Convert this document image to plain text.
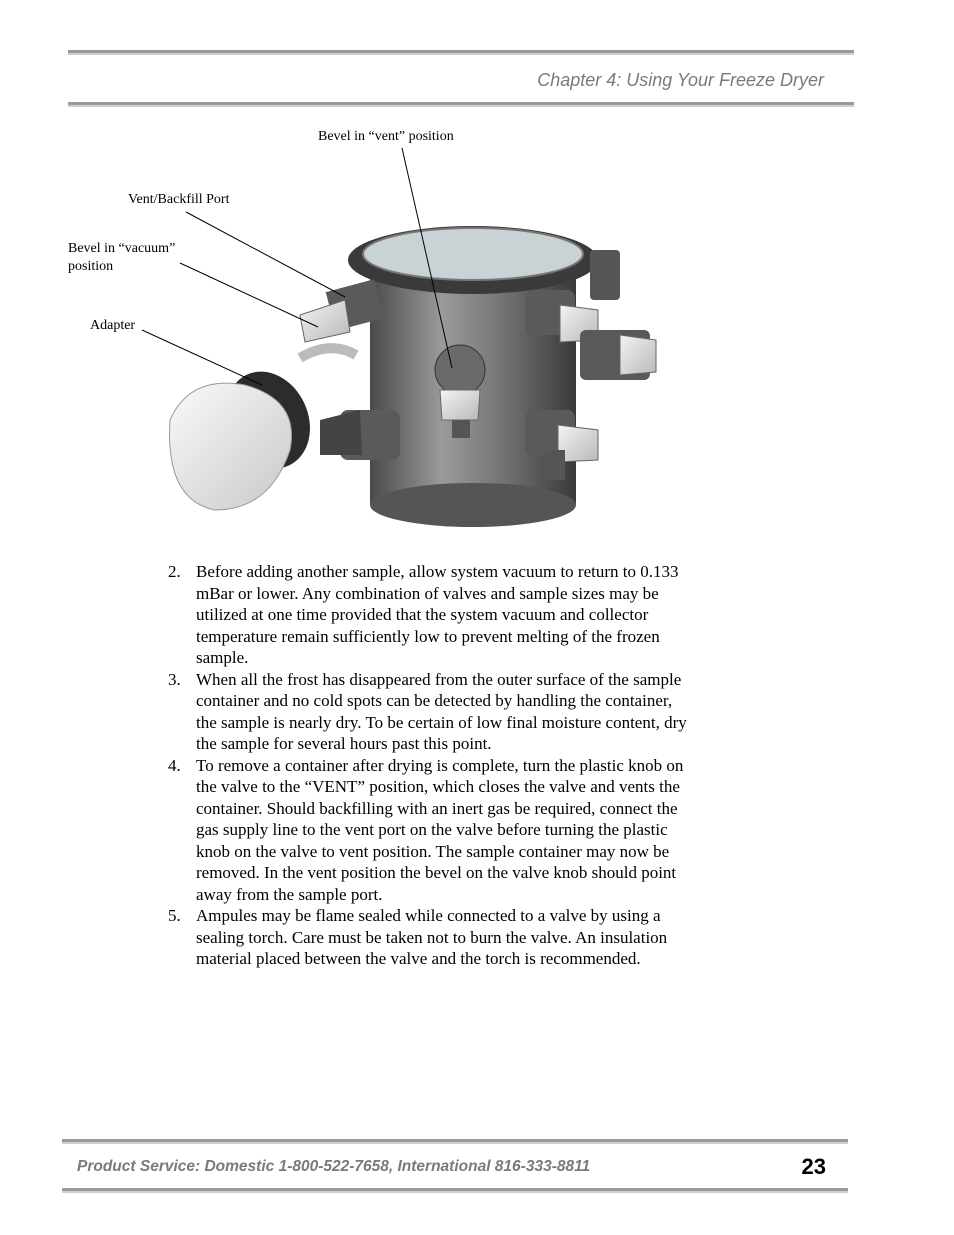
Chapter 4: Using Your Freeze Dryer
Bevel in “vent” position
Vent/Backfill Port
Bevel in “vacuum” position
Adapter
2. Before adding another sample, allow system vacuum to return to 0.133 mBar or lower. Any combination of valves and sample sizes may be utilized at one time provided that the system vacuum and collector temperature remain sufficiently low to prevent melting of the frozen sample.
3. When all the frost has disappeared from the outer surface of the sample container and no cold spots can be detected by handling the container, the sample is nearly dry. To be certain of low final moisture content, dry the sample for several hours past this point.
4. To remove a container after drying is complete, turn the plastic knob on the valve to the “VENT” position, which closes the valve and vents the container. Should backfilling with an inert gas be required, connect the gas supply line to the vent port on the valve before turning the plastic knob on the valve to vent position. The sample container may now be removed. In the vent position the bevel on the valve knob should point away from the sample port.
5. Ampules may be flame sealed while connected to a valve by using a sealing torch. Care must be taken not to burn the valve. An insulation material placed between the valve and the torch is recommended.
Product Service: Domestic 1-800-522-7658, International 816-333-8811	23
